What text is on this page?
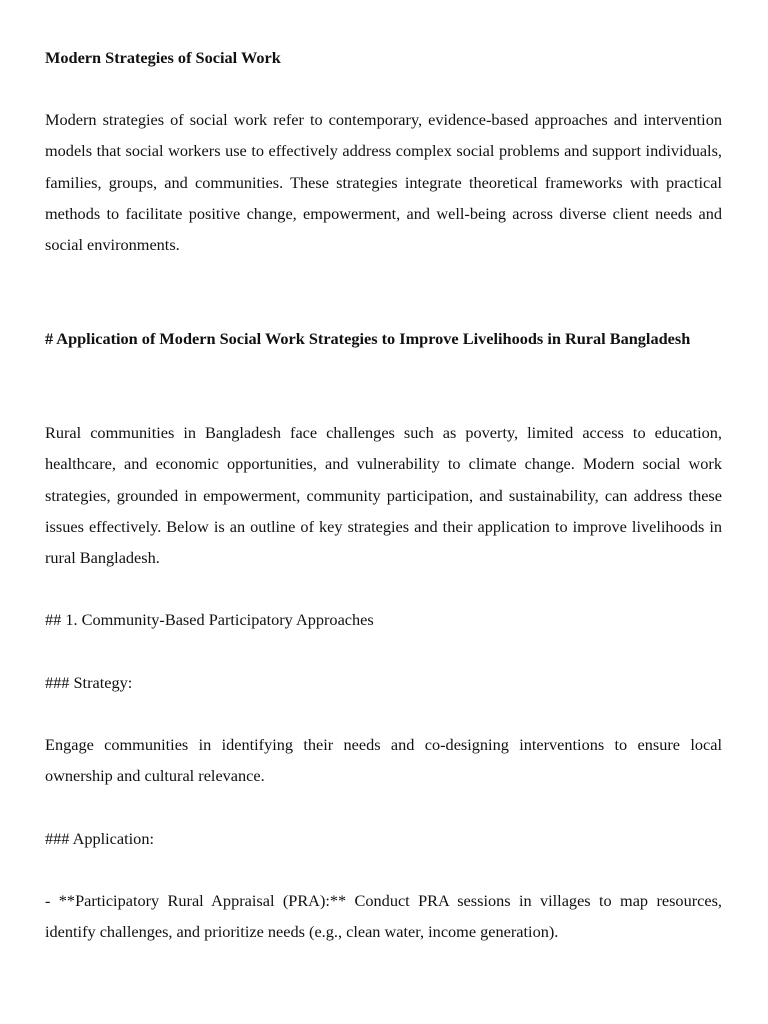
Modern Strategies of Social Work

Modern strategies of social work refer to contemporary, evidence-based approaches and intervention models that social workers use to effectively address complex social problems and support individuals, families, groups, and communities. These strategies integrate theoretical frameworks with practical methods to facilitate positive change, empowerment, and well-being across diverse client needs and social environments.

# Application of Modern Social Work Strategies to Improve Livelihoods in Rural Bangladesh

Rural communities in Bangladesh face challenges such as poverty, limited access to education, healthcare, and economic opportunities, and vulnerability to climate change. Modern social work strategies, grounded in empowerment, community participation, and sustainability, can address these issues effectively. Below is an outline of key strategies and their application to improve livelihoods in rural Bangladesh.

## 1. Community-Based Participatory Approaches

### Strategy:

Engage communities in identifying their needs and co-designing interventions to ensure local ownership and cultural relevance.

### Application:

- **Participatory Rural Appraisal (PRA):** Conduct PRA sessions in villages to map resources, identify challenges, and prioritize needs (e.g., clean water, income generation).
